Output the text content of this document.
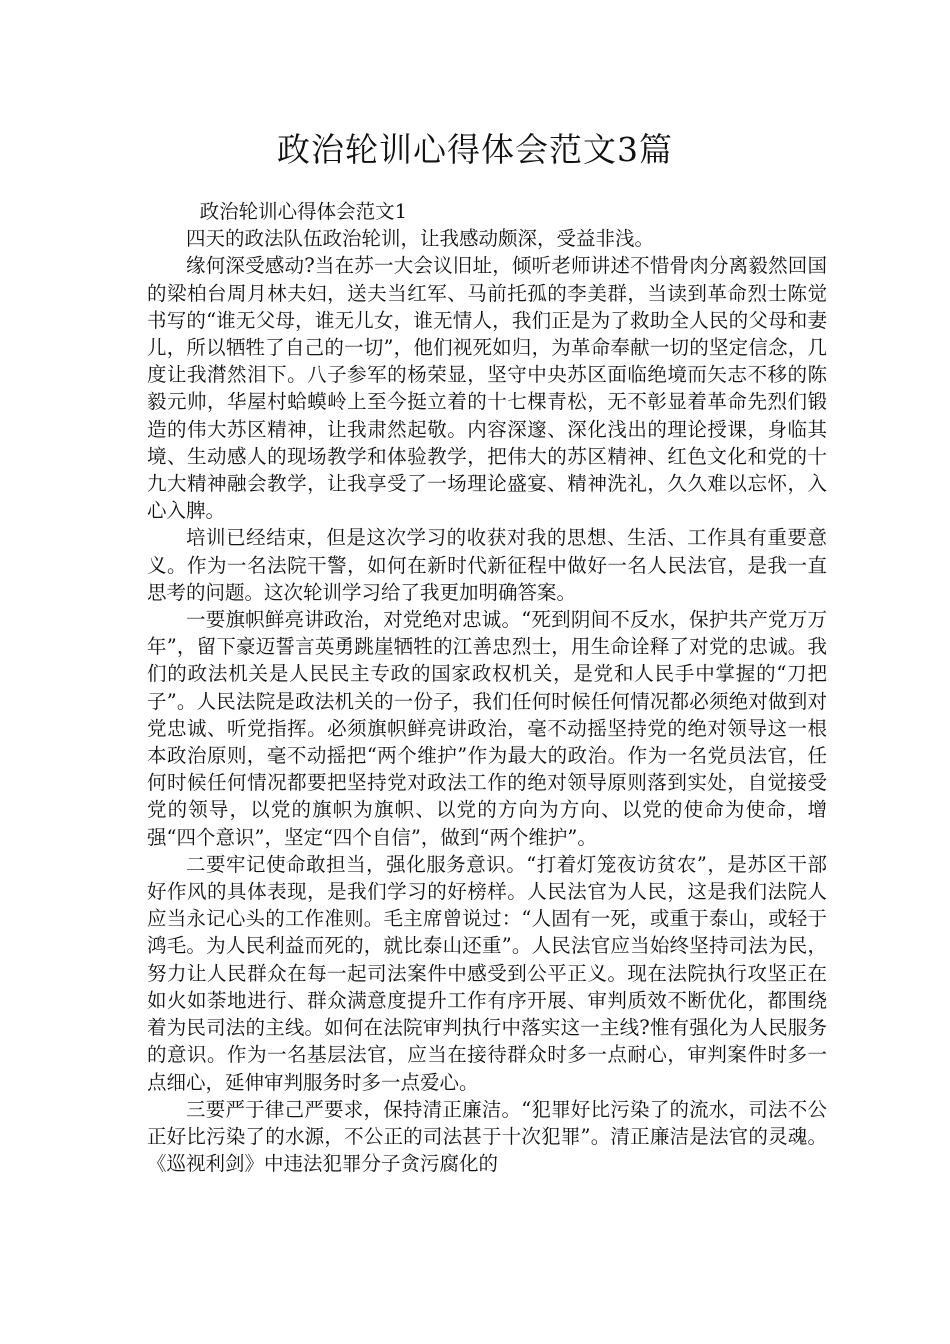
政治轮训心得体会范文3篇

政治轮训心得体会范文1

四天的政法队伍政治轮训，让我感动颇深，受益非浅。

缘何深受感动?当在苏一大会议旧址，倾听老师讲述不惜骨肉分离毅然回国的梁柏台周月林夫妇，送夫当红军、马前托孤的李美群，当读到革命烈士陈觉书写的“谁无父母，谁无儿女，谁无情人，我们正是为了救助全人民的父母和妻儿，所以牺牲了自己的一切”，他们视死如归，为革命奉献一切的坚定信念，几度让我潸然泪下。八子参军的杨荣显，坚守中央苏区面临绝境而矢志不移的陈毅元帅，华屋村蛤蟆岭上至今挺立着的十七棵青松，无不彰显着革命先烈们锻造的伟大苏区精神，让我肃然起敬。内容深邃、深化浅出的理论授课，身临其境、生动感人的现场教学和体验教学，把伟大的苏区精神、红色文化和党的十九大精神融会教学，让我享受了一场理论盛宴、精神洗礼，久久难以忘怀，入心入脾。

培训已经结束，但是这次学习的收获对我的思想、生活、工作具有重要意义。作为一名法院干警，如何在新时代新征程中做好一名人民法官，是我一直思考的问题。这次轮训学习给了我更加明确答案。

一要旗帜鲜亮讲政治，对党绝对忠诚。“死到阴间不反水，保护共产党万万年”，留下豪迈誓言英勇跳崖牺牲的江善忠烈士，用生命诠释了对党的忠诚。我们的政法机关是人民民主专政的国家政权机关，是党和人民手中掌握的“刀把子”。人民法院是政法机关的一份子，我们任何时候任何情况都必须绝对做到对党忠诚、听党指挥。必须旗帜鲜亮讲政治，毫不动摇坚持党的绝对领导这一根本政治原则，毫不动摇把“两个维护”作为最大的政治。作为一名党员法官，任何时候任何情况都要把坚持党对政法工作的绝对领导原则落到实处，自觉接受党的领导，以党的旗帜为旗帜、以党的方向为方向、以党的使命为使命，增强“四个意识”，坚定“四个自信”，做到“两个维护”。

二要牢记使命敢担当，强化服务意识。“打着灯笼夜访贫农”，是苏区干部好作风的具体表现，是我们学习的好榜样。人民法官为人民，这是我们法院人应当永记心头的工作准则。毛主席曾说过：“人固有一死，或重于泰山，或轻于鸿毛。为人民利益而死的，就比泰山还重”。人民法官应当始终坚持司法为民，努力让人民群众在每一起司法案件中感受到公平正义。现在法院执行攻坚正在如火如荼地进行、群众满意度提升工作有序开展、审判质效不断优化，都围绕着为民司法的主线。如何在法院审判执行中落实这一主线?惟有强化为人民服务的意识。作为一名基层法官，应当在接待群众时多一点耐心，审判案件时多一点细心，延伸审判服务时多一点爱心。

三要严于律己严要求，保持清正廉洁。“犯罪好比污染了的流水，司法不公正好比污染了的水源，不公正的司法甚于十次犯罪”。清正廉洁是法官的灵魂。《巡视利剑》中违法犯罪分子贪污腐化的
